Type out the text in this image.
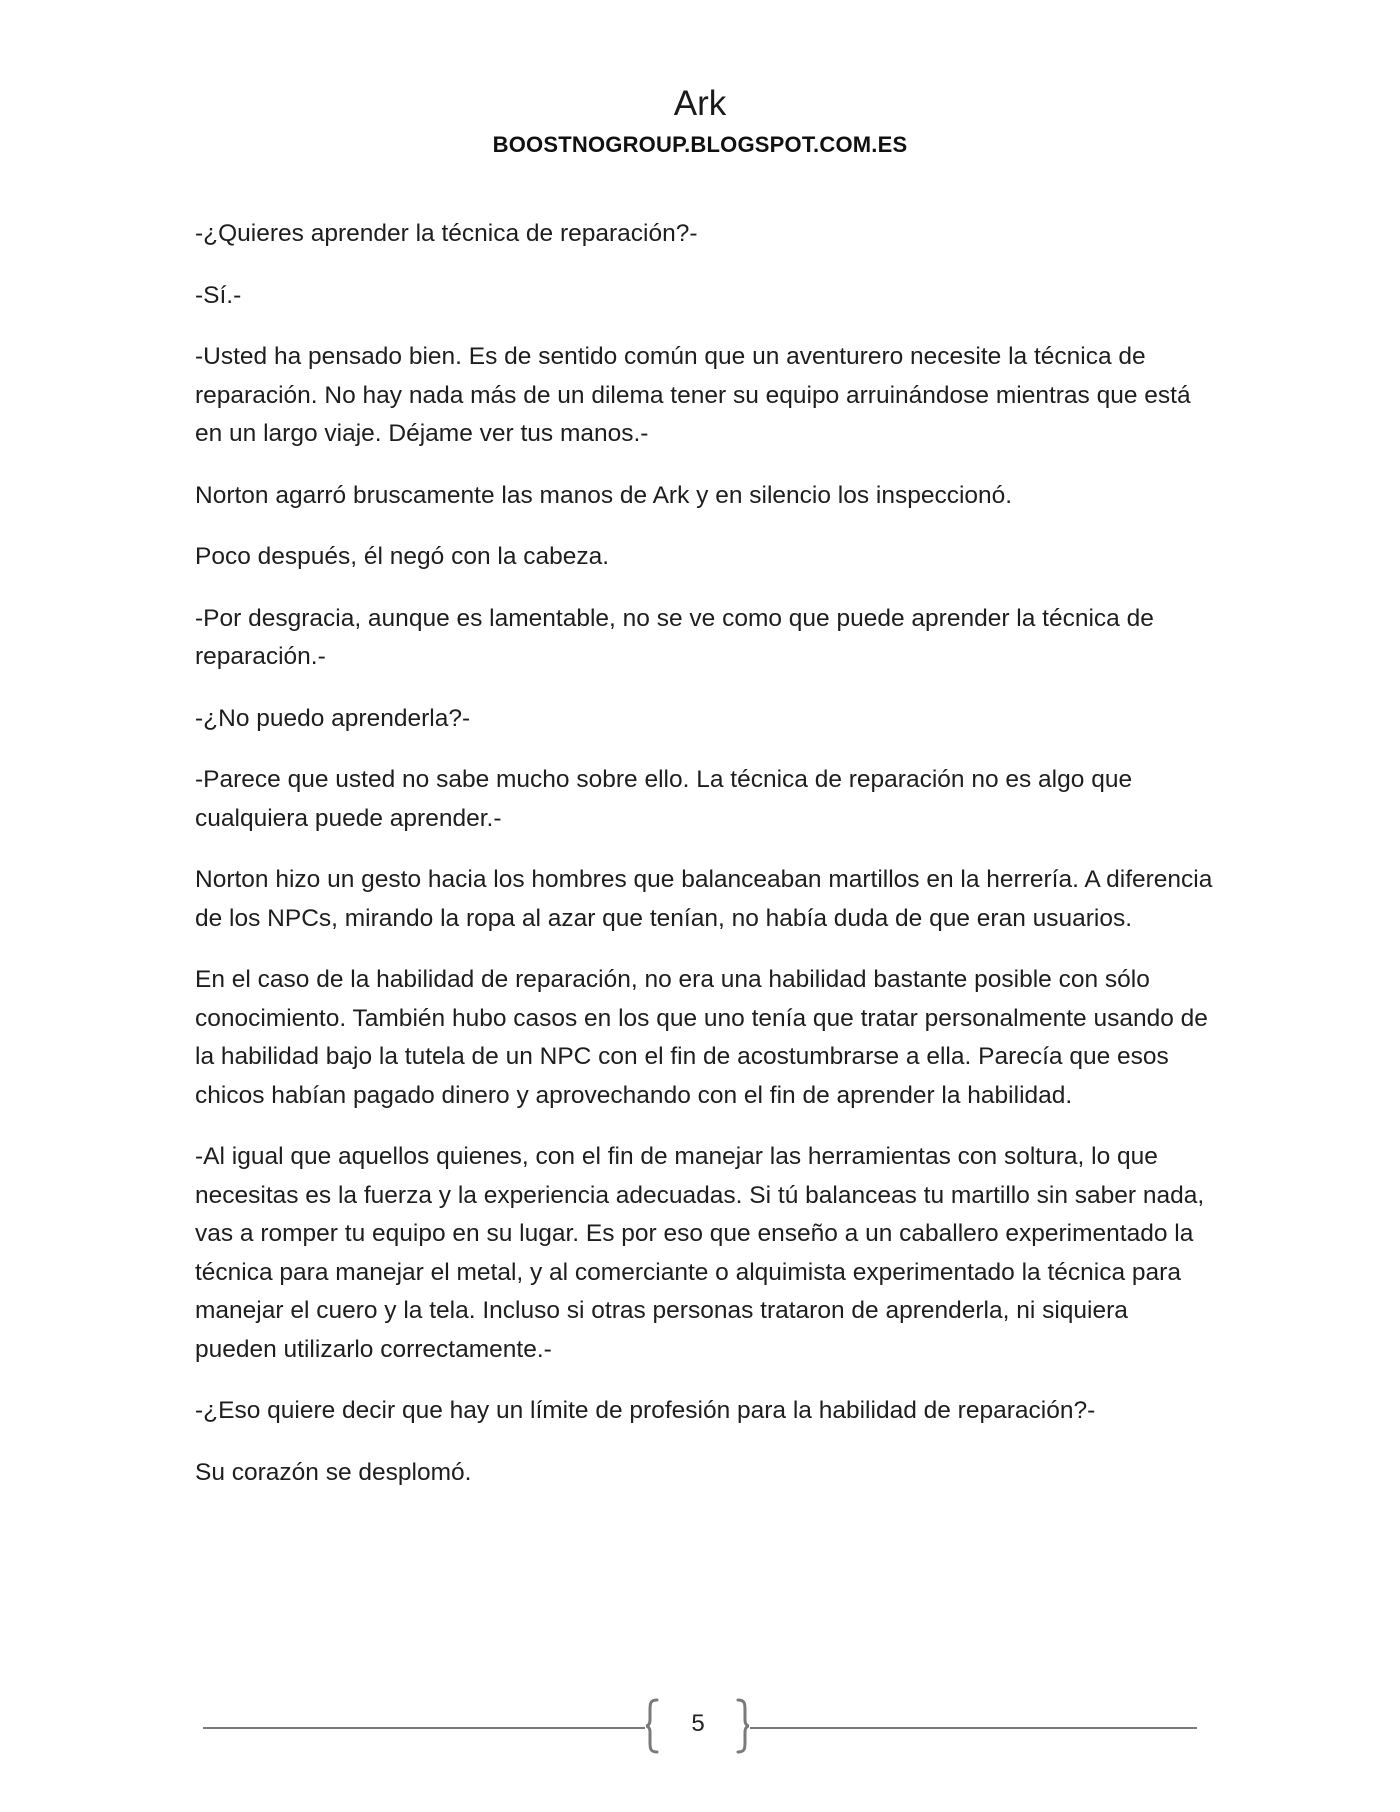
Ark
BOOSTNOGROUP.BLOGSPOT.COM.ES

-¿Quieres aprender la técnica de reparación?-

-Sí.-

-Usted ha pensado bien. Es de sentido común que un aventurero necesite la técnica de reparación. No hay nada más de un dilema tener su equipo arruinándose mientras que está en un largo viaje. Déjame ver tus manos.-

Norton agarró bruscamente las manos de Ark y en silencio los inspeccionó.

Poco después, él negó con la cabeza.

-Por desgracia, aunque es lamentable, no se ve como que puede aprender la técnica de reparación.-

-¿No puedo aprenderla?-

-Parece que usted no sabe mucho sobre ello. La técnica de reparación no es algo que cualquiera puede aprender.-

Norton hizo un gesto hacia los hombres que balanceaban martillos en la herrería. A diferencia de los NPCs, mirando la ropa al azar que tenían, no había duda de que eran usuarios.

En el caso de la habilidad de reparación, no era una habilidad bastante posible con sólo conocimiento. También hubo casos en los que uno tenía que tratar personalmente usando de la habilidad bajo la tutela de un NPC con el fin de acostumbrarse a ella. Parecía que esos chicos habían pagado dinero y aprovechando con el fin de aprender la habilidad.

-Al igual que aquellos quienes, con el fin de manejar las herramientas con soltura, lo que necesitas es la fuerza y la experiencia adecuadas. Si tú balanceas tu martillo sin saber nada, vas a romper tu equipo en su lugar. Es por eso que enseño a un caballero experimentado la técnica para manejar el metal, y al comerciante o alquimista experimentado la técnica para manejar el cuero y la tela. Incluso si otras personas trataron de aprenderla, ni siquiera pueden utilizarlo correctamente.-

-¿Eso quiere decir que hay un límite de profesión para la habilidad de reparación?-

Su corazón se desplomó.

5
